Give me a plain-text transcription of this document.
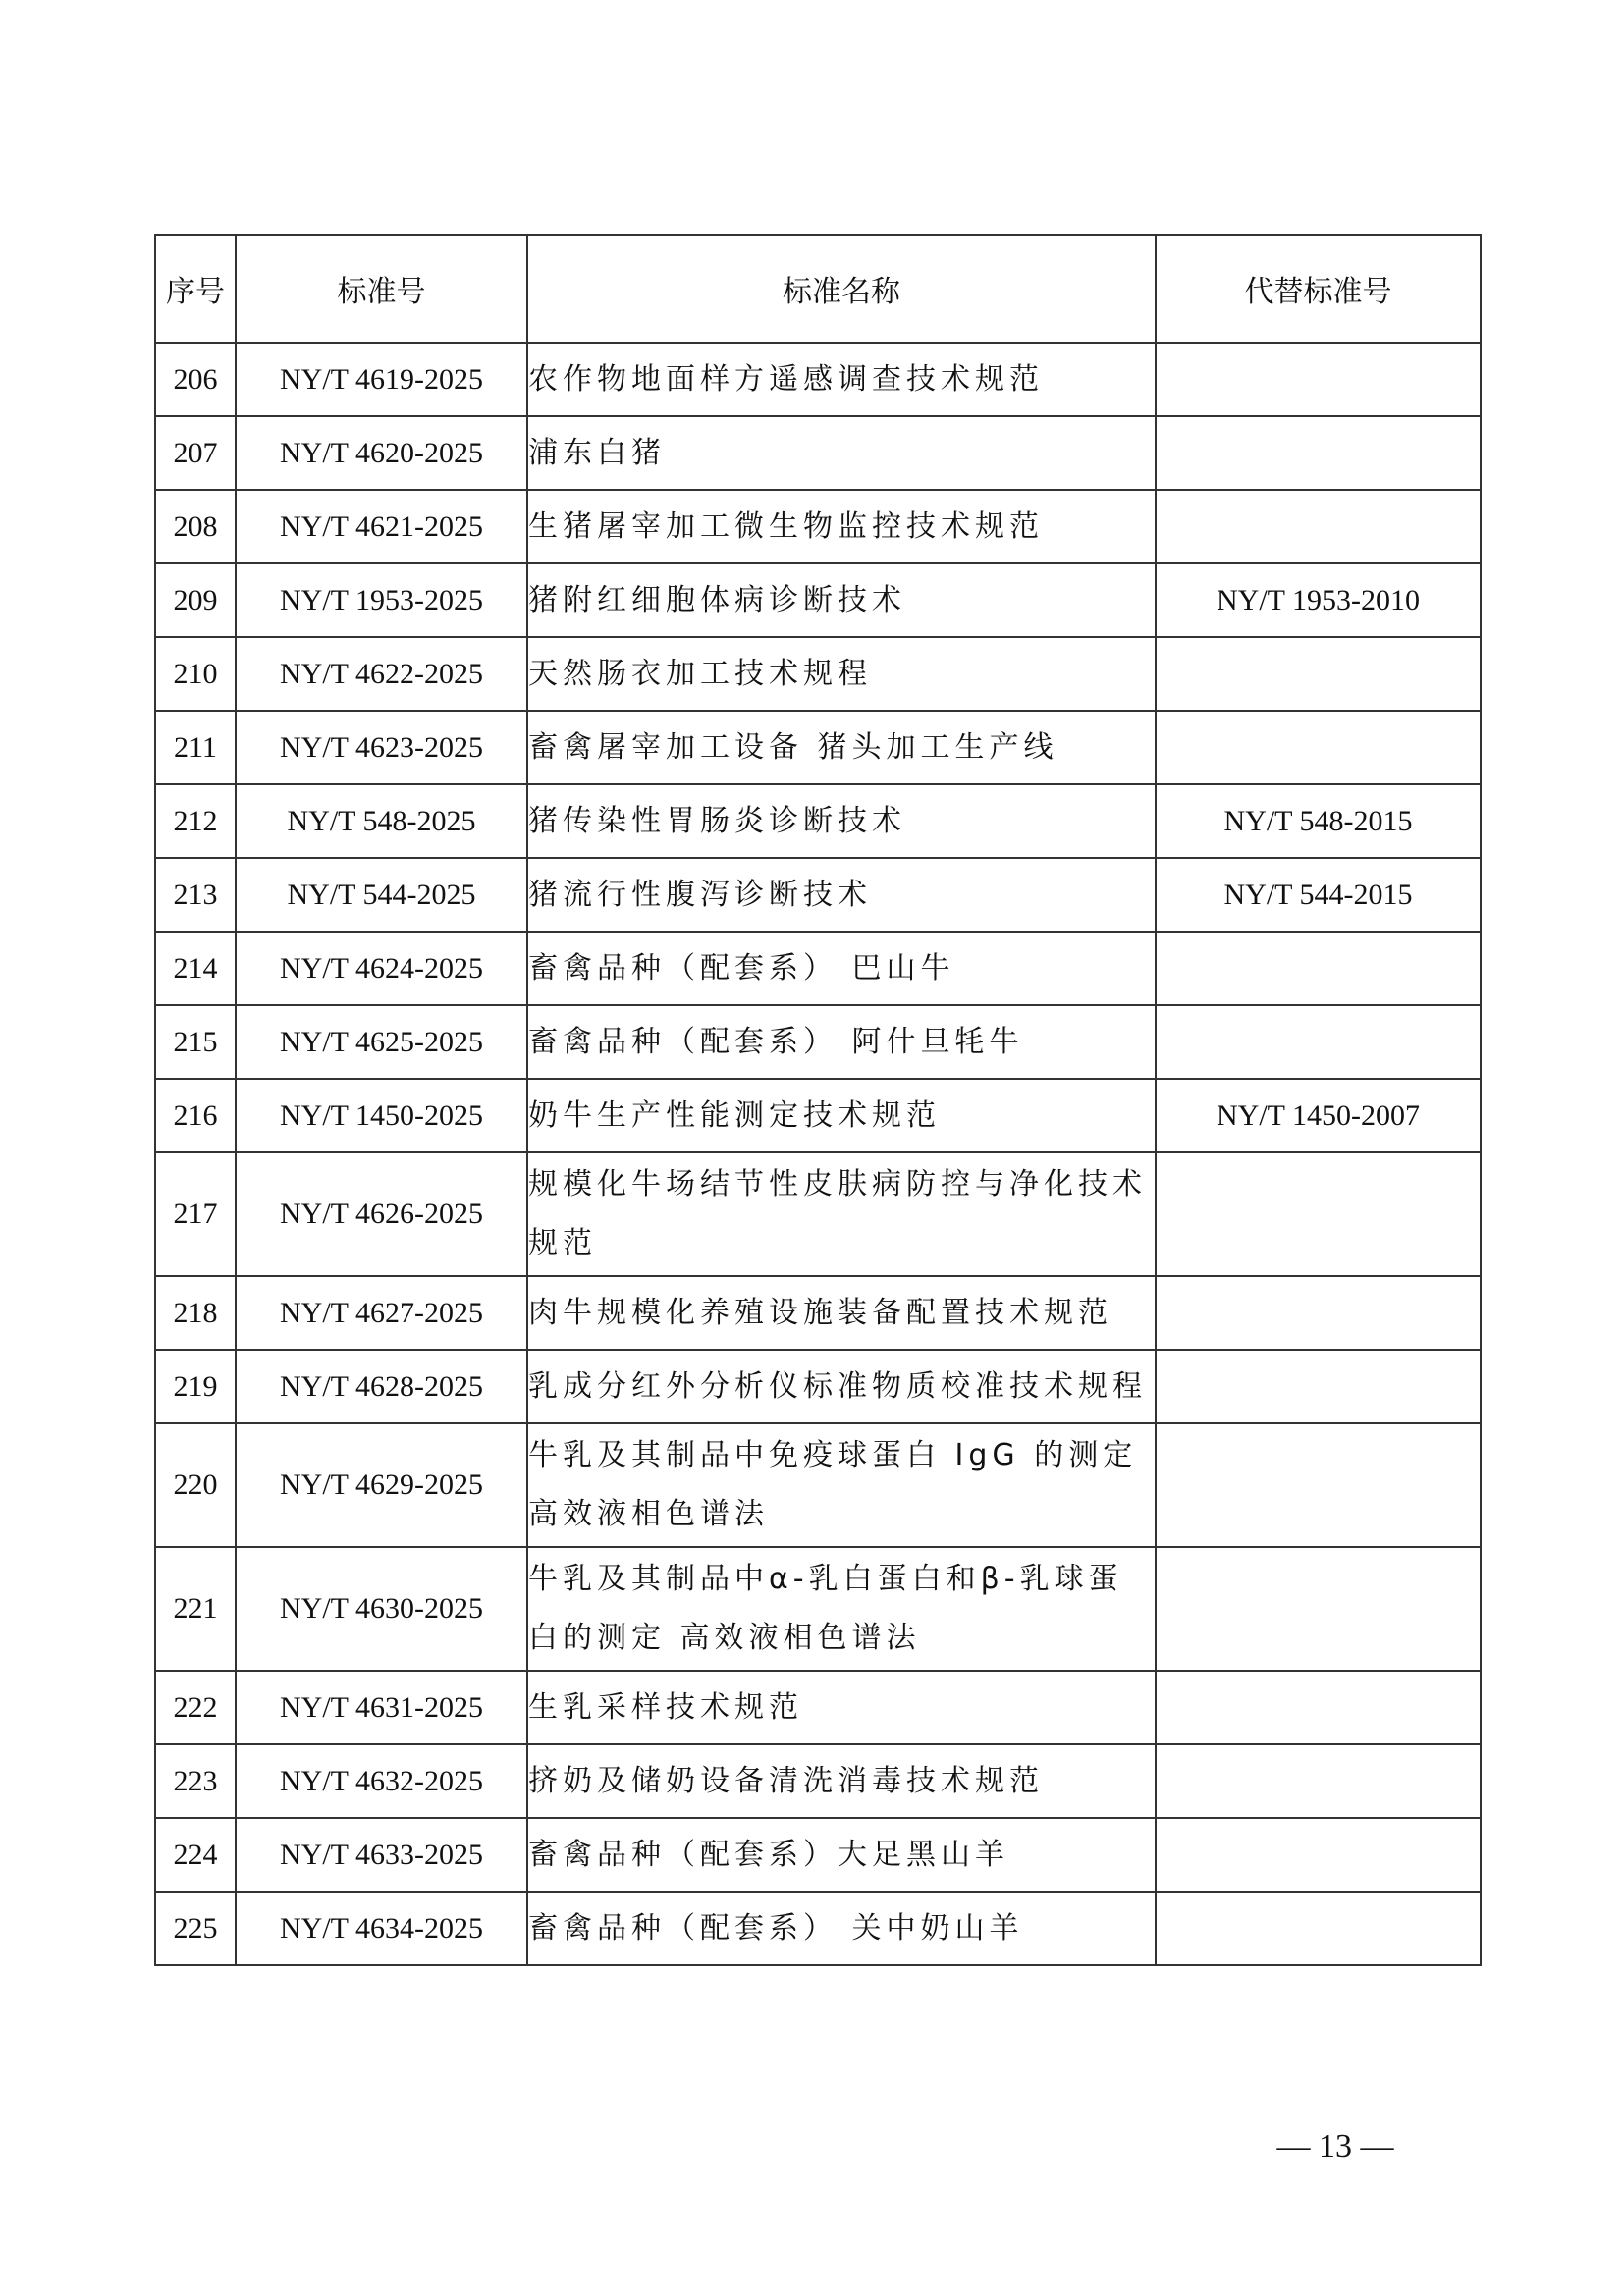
序号	标准号	标准名称	代替标准号
206	NY/T 4619-2025	农作物地面样方遥感调查技术规范	
207	NY/T 4620-2025	浦东白猪	
208	NY/T 4621-2025	生猪屠宰加工微生物监控技术规范	
209	NY/T 1953-2025	猪附红细胞体病诊断技术	NY/T 1953-2010
210	NY/T 4622-2025	天然肠衣加工技术规程	
211	NY/T 4623-2025	畜禽屠宰加工设备 猪头加工生产线	
212	NY/T 548-2025	猪传染性胃肠炎诊断技术	NY/T 548-2015
213	NY/T 544-2025	猪流行性腹泻诊断技术	NY/T 544-2015
214	NY/T 4624-2025	畜禽品种（配套系） 巴山牛	
215	NY/T 4625-2025	畜禽品种（配套系） 阿什旦牦牛	
216	NY/T 1450-2025	奶牛生产性能测定技术规范	NY/T 1450-2007
217	NY/T 4626-2025	规模化牛场结节性皮肤病防控与净化技术规范	
218	NY/T 4627-2025	肉牛规模化养殖设施装备配置技术规范	
219	NY/T 4628-2025	乳成分红外分析仪标准物质校准技术规程	
220	NY/T 4629-2025	牛乳及其制品中免疫球蛋白 IgG 的测定 高效液相色谱法	
221	NY/T 4630-2025	牛乳及其制品中α-乳白蛋白和β-乳球蛋白的测定 高效液相色谱法	
222	NY/T 4631-2025	生乳采样技术规范	
223	NY/T 4632-2025	挤奶及储奶设备清洗消毒技术规范	
224	NY/T 4633-2025	畜禽品种（配套系）大足黑山羊	
225	NY/T 4634-2025	畜禽品种（配套系） 关中奶山羊	
— 13 —
